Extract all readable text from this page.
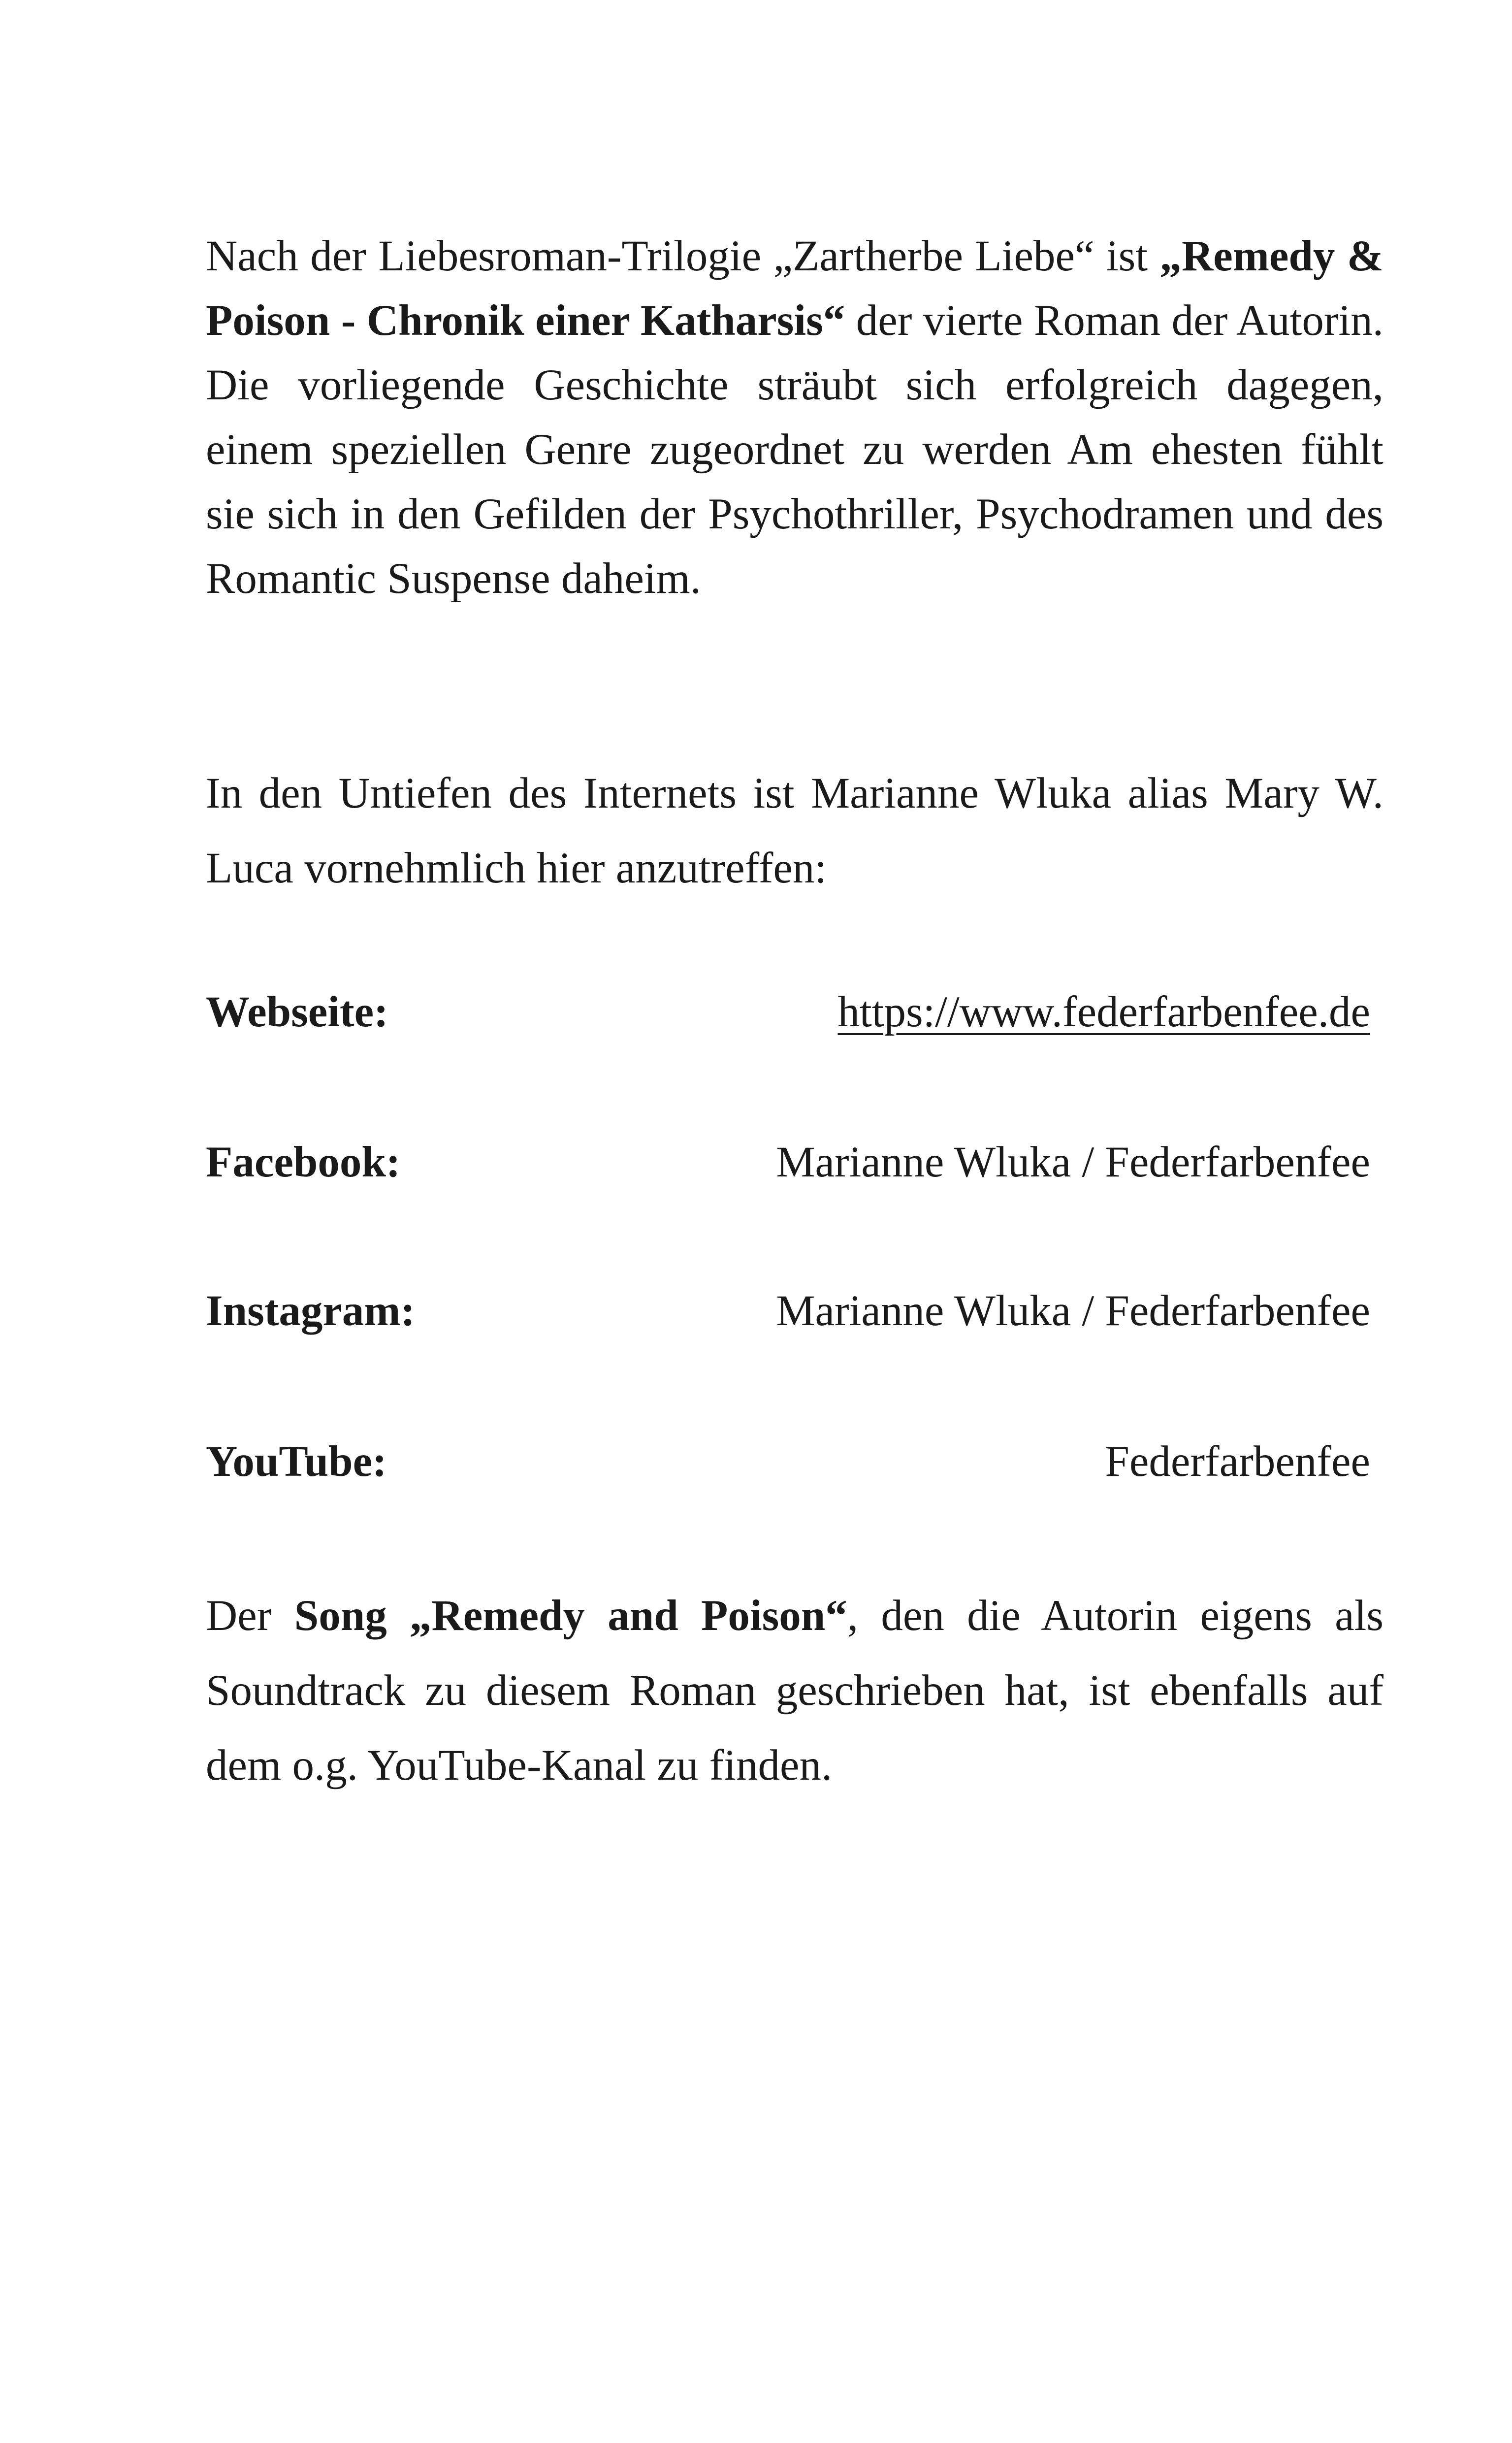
Nach der Liebesroman-Trilogie „Zartherbe Liebe“ ist „Remedy & Poison - Chronik einer Katharsis“ der vierte Roman der Autorin. Die vorliegende Geschichte sträubt sich erfolgreich dagegen, einem speziellen Genre zugeordnet zu werden Am ehesten fühlt sie sich in den Gefilden der Psychothriller, Psychodramen und des Romantic Suspense daheim.

In den Untiefen des Internets ist Marianne Wluka alias Mary W. Luca vornehmlich hier anzutreffen:

Webseite:	https://www.federfarbenfee.de
Facebook:	Marianne Wluka / Federfarbenfee
Instagram:	Marianne Wluka / Federfarbenfee
YouTube:	Federfarbenfee

Der Song „Remedy and Poison“, den die Autorin eigens als Soundtrack zu diesem Roman geschrieben hat, ist ebenfalls auf dem o.g. YouTube-Kanal zu finden.
